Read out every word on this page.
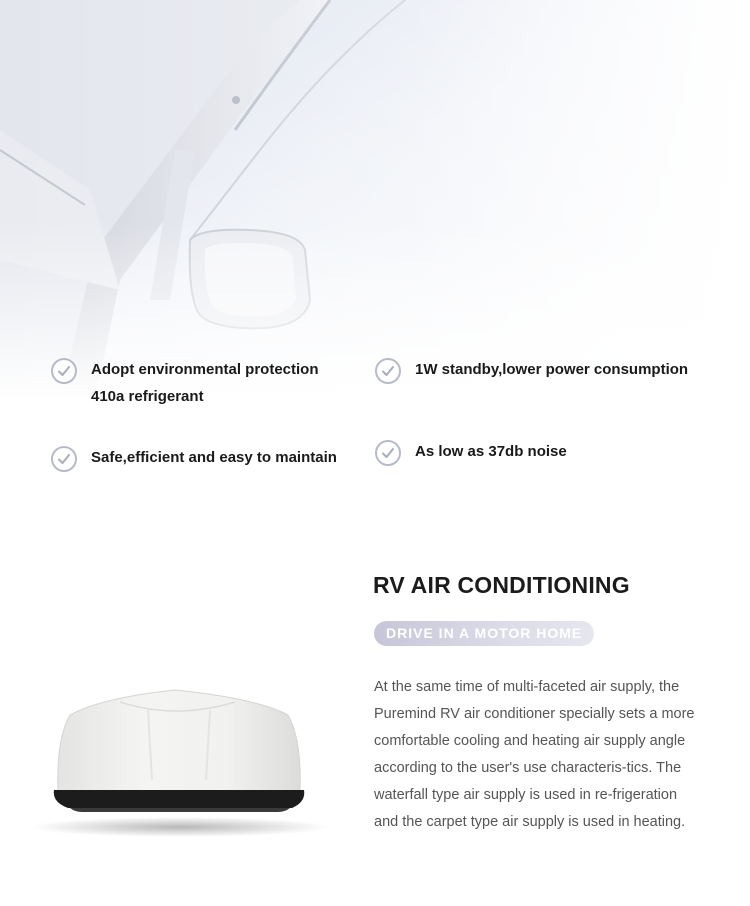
Adopt environmental protection
410a refrigerant
1W standby,lower power consumption
Safe,efficient and easy to maintain	As low as 37db noise
RV AIR CONDITIONING
DRIVE IN A MOTOR HOME

At the same time of multi-faceted air supply, the Puremind RV air conditioner specially sets a more comfortable cooling and heating air supply angle according to the user's use characteris-tics. The waterfall type air supply is used in re-frigeration and the carpet type air supply is used in heating.
